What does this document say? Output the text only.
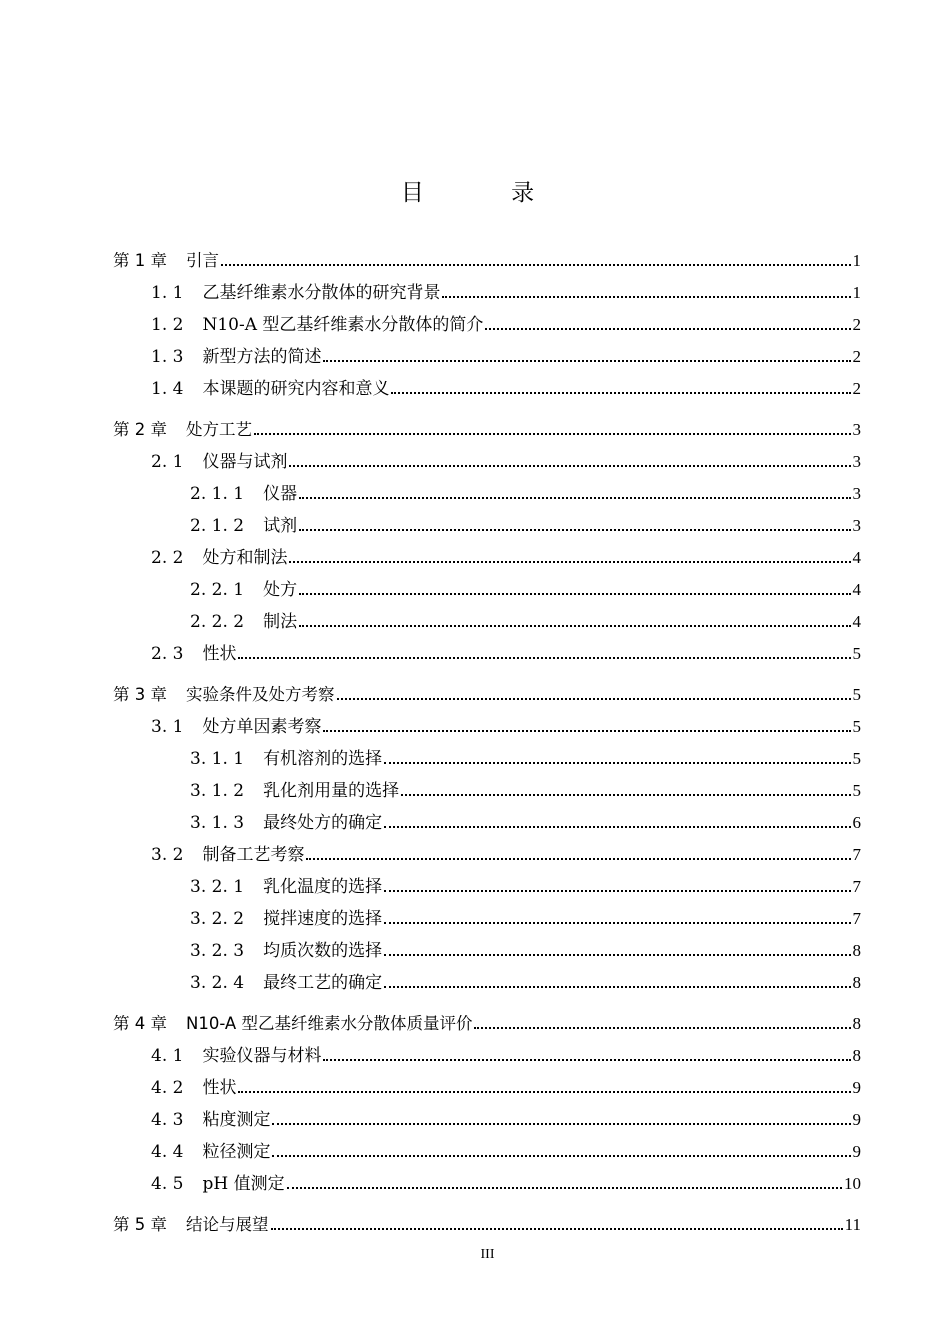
目 录
第 1 章 引言	1
1. 1 乙基纤维素水分散体的研究背景	1
1. 2 N10-A 型乙基纤维素水分散体的简介	2
1. 3 新型方法的简述	2
1. 4 本课题的研究内容和意义	2
第 2 章 处方工艺	3
2. 1 仪器与试剂	3
2. 1. 1 仪器	3
2. 1. 2 试剂	3
2. 2 处方和制法	4
2. 2. 1 处方	4
2. 2. 2 制法	4
2. 3 性状	5
第 3 章 实验条件及处方考察	5
3. 1 处方单因素考察	5
3. 1. 1 有机溶剂的选择	5
3. 1. 2 乳化剂用量的选择	5
3. 1. 3 最终处方的确定	6
3. 2 制备工艺考察	7
3. 2. 1 乳化温度的选择	7
3. 2. 2 搅拌速度的选择	7
3. 2. 3 均质次数的选择	8
3. 2. 4 最终工艺的确定	8
第 4 章 N10-A 型乙基纤维素水分散体质量评价	8
4. 1 实验仪器与材料	8
4. 2 性状	9
4. 3 粘度测定	9
4. 4 粒径测定	9
4. 5 pH 值测定	10
第 5 章 结论与展望	11
III
